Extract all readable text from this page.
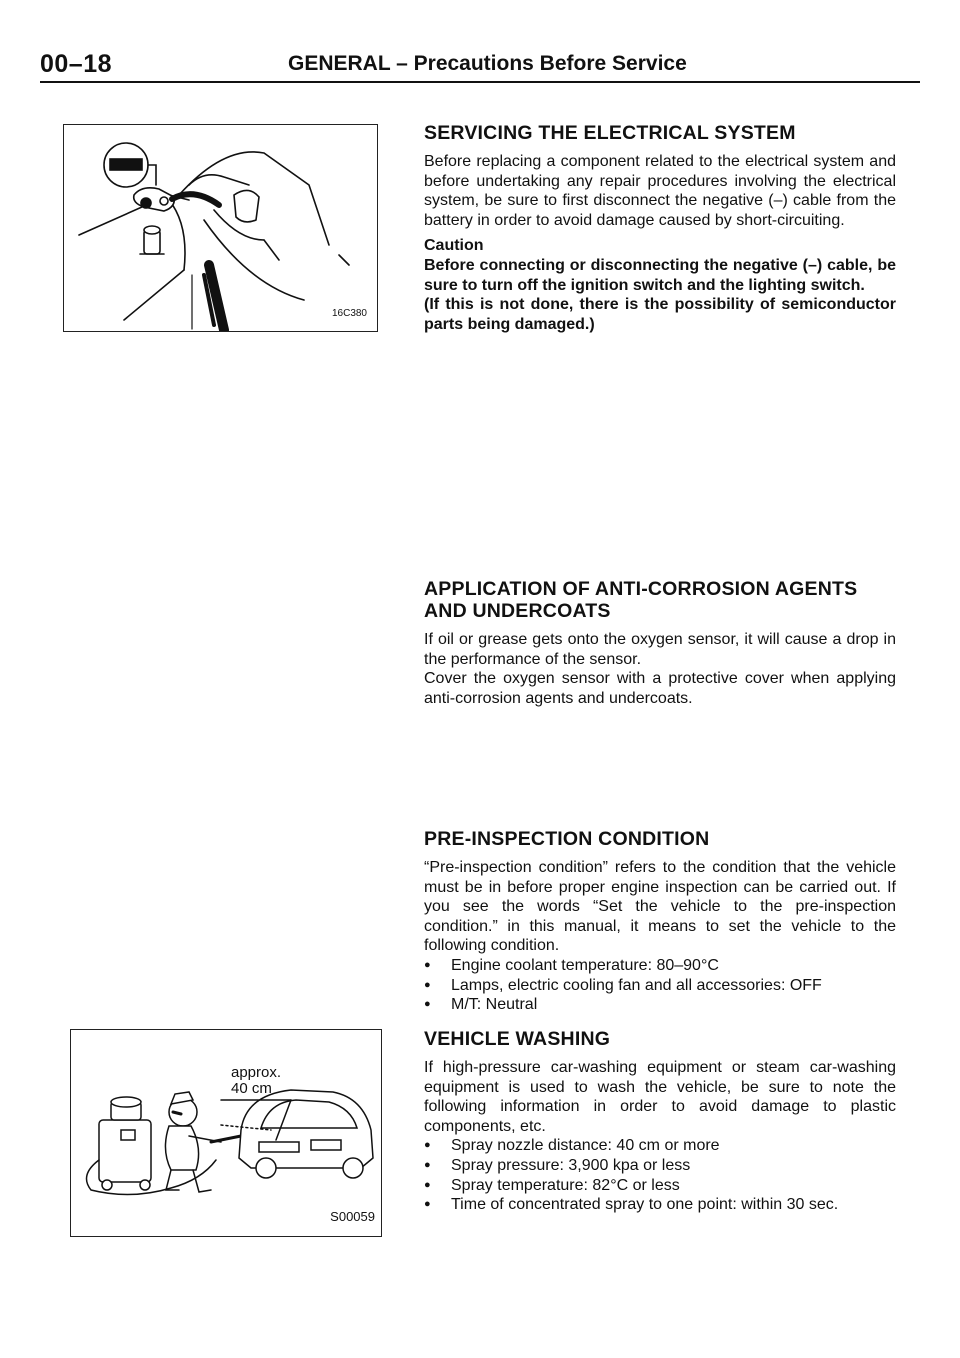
00–18	GENERAL – Precautions Before Service
16C380
approx.
40 cm
S00059
SERVICING THE ELECTRICAL SYSTEM

Before replacing a component related to the electrical system and before undertaking any repair procedures involving the electrical system, be sure to first disconnect the negative (–) cable from the battery in order to avoid damage caused by short-circuiting.

Caution

Before connecting or disconnecting the negative (–) cable, be sure to turn off the ignition switch and the lighting switch.

(If this is not done, there is the possibility of semiconductor parts being damaged.)

APPLICATION OF ANTI-CORROSION AGENTS
AND UNDERCOATS

If oil or grease gets onto the oxygen sensor, it will cause a drop in the performance of the sensor.

Cover the oxygen sensor with a protective cover when applying anti-corrosion agents and undercoats.

PRE-INSPECTION CONDITION

“Pre-inspection condition” refers to the condition that the vehicle must be in before proper engine inspection can be carried out. If you see the words “Set the vehicle to the pre-inspection condition.” in this manual, it means to set the vehicle to the following condition.

● Engine coolant temperature: 80–90°C
● Lamps, electric cooling fan and all accessories: OFF
● M/T: Neutral
VEHICLE WASHING

If high-pressure car-washing equipment or steam car-washing equipment is used to wash the vehicle, be sure to note the following information in order to avoid damage to plastic components, etc.

● Spray nozzle distance: 40 cm or more
● Spray pressure: 3,900 kpa or less
● Spray temperature: 82°C or less
● Time of concentrated spray to one point: within 30 sec.
